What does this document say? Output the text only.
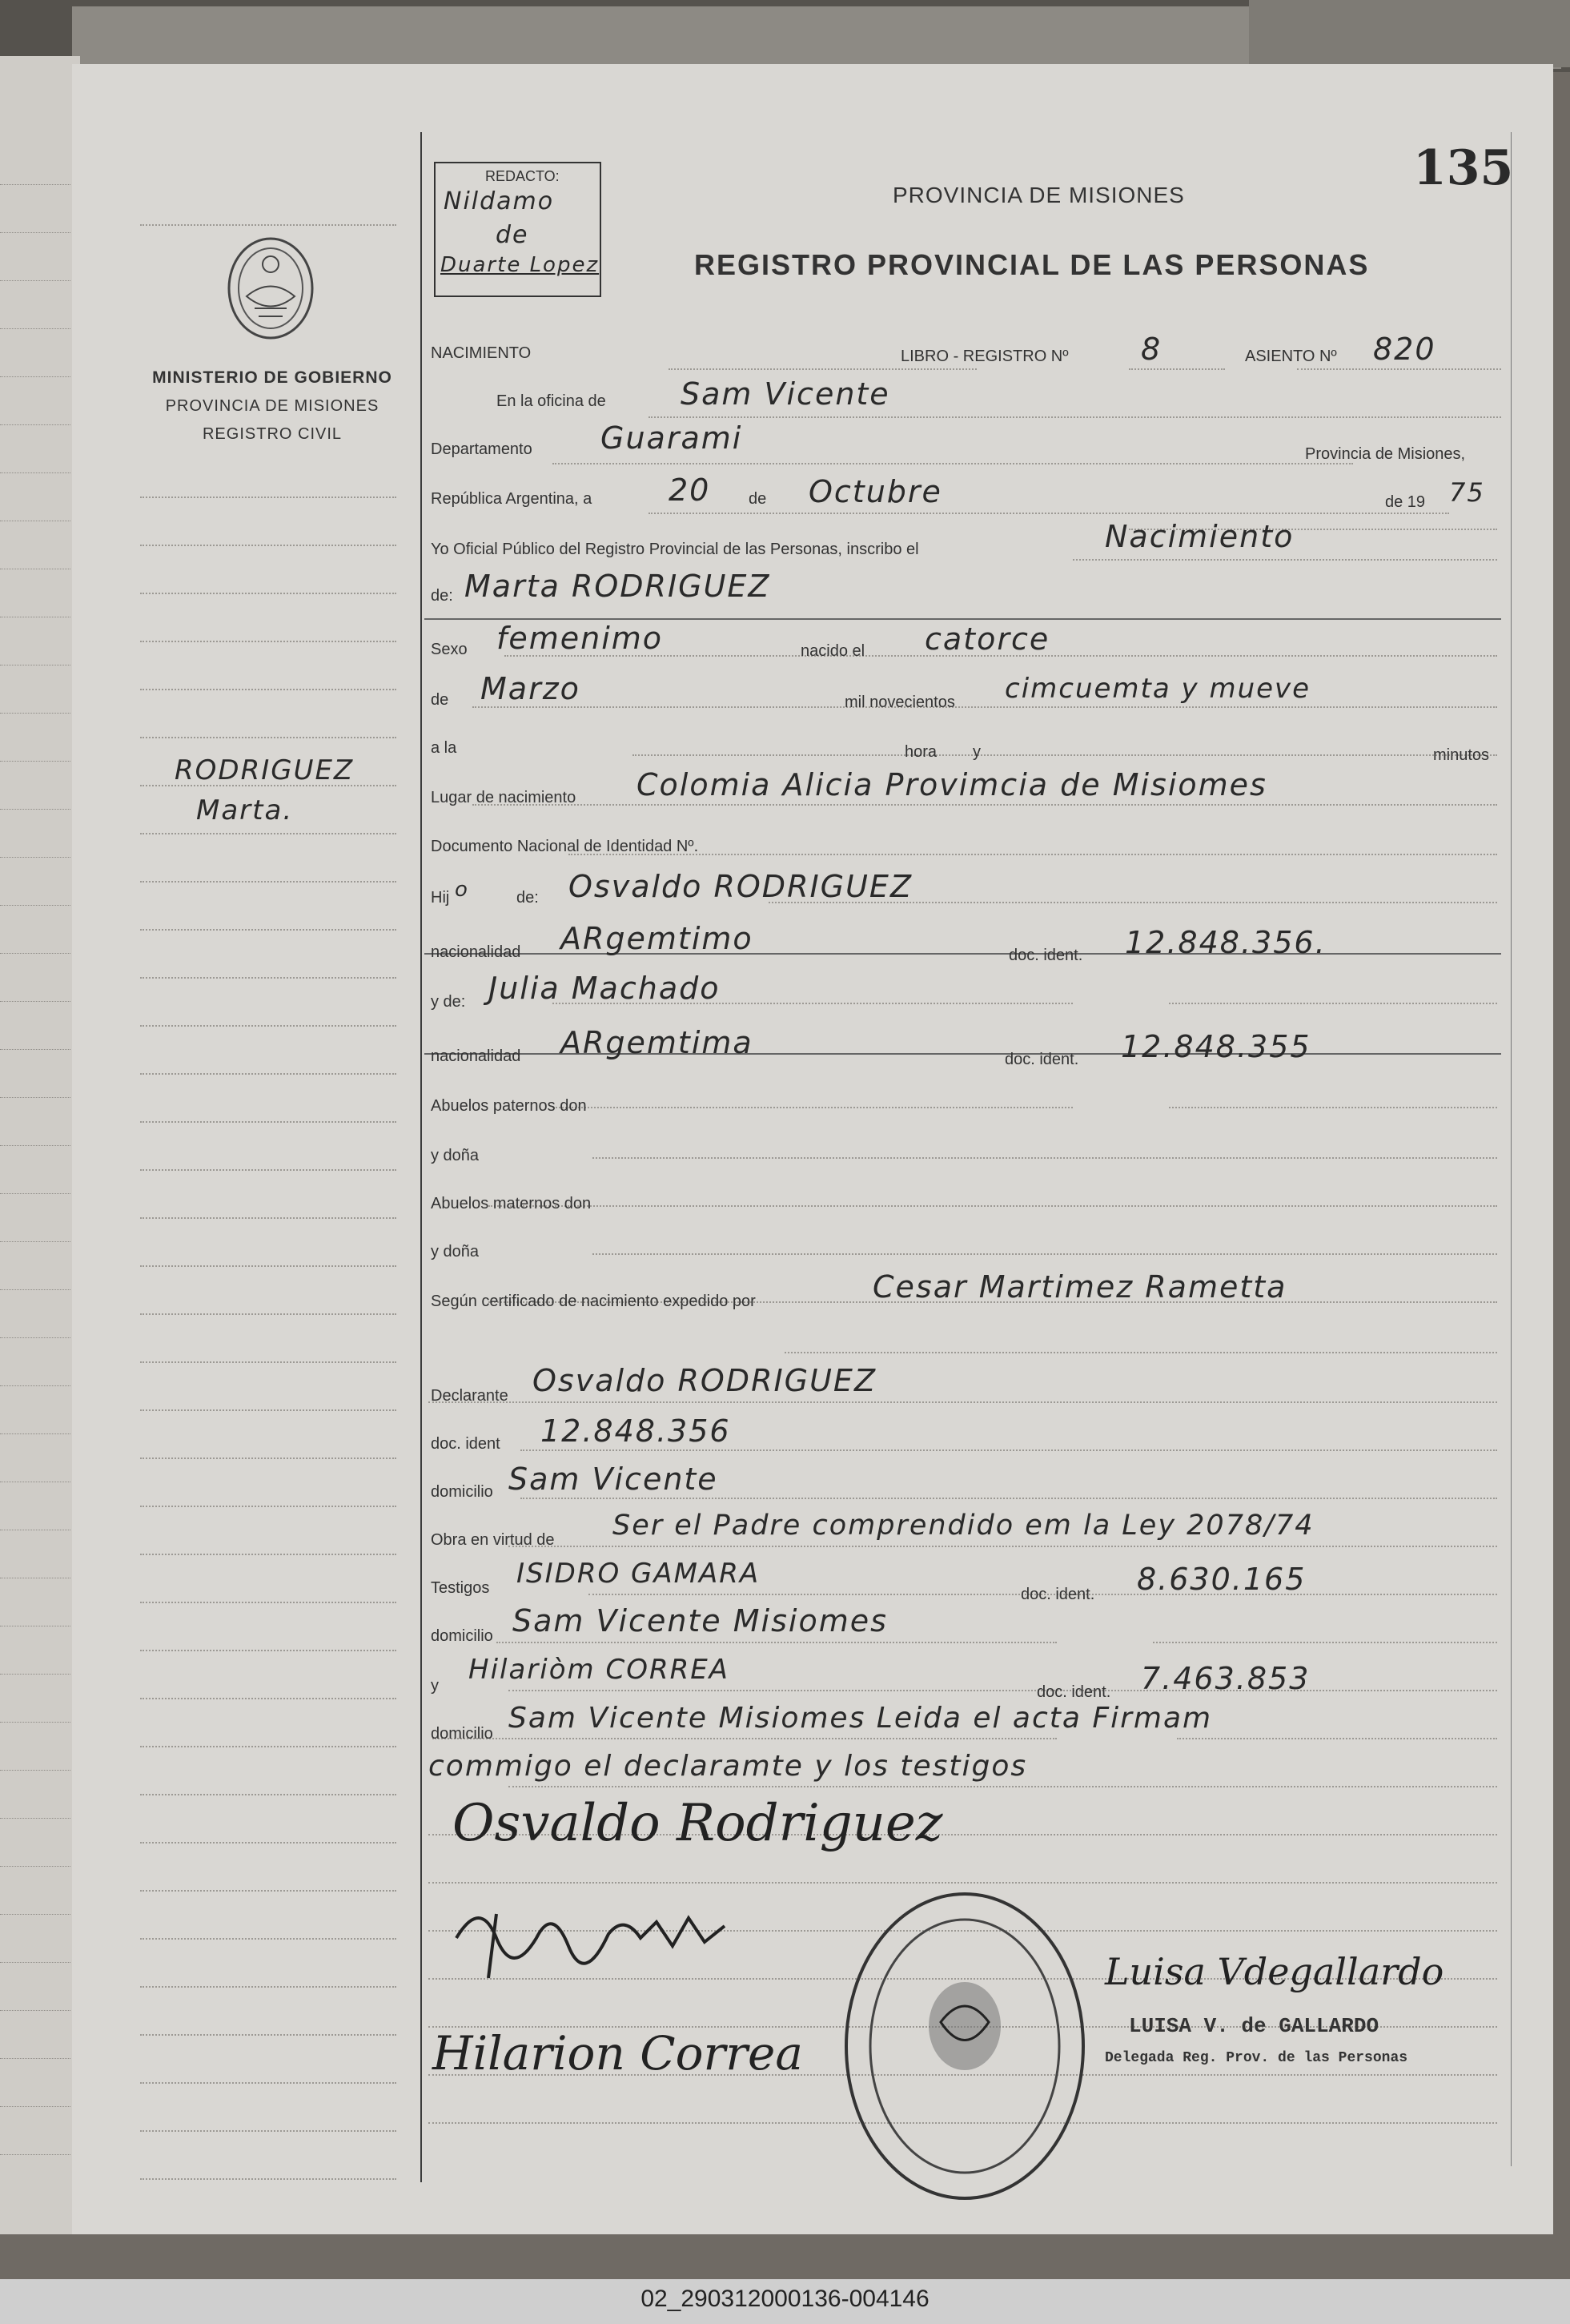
MINISTERIO DE GOBIERNO
PROVINCIA DE MISIONES
REGISTRO CIVIL
RODRIGUEZ
Marta.
REDACTO:
Nildamo
de
Duarte Lopez
135
PROVINCIA DE MISIONES
REGISTRO PROVINCIAL DE LAS PERSONAS
NACIMIENTO	LIBRO - REGISTRO Nº 8	ASIENTO Nº 820
En la oficina de Sam Vicente
Departamento Guarami	Provincia de Misiones,
República Argentina, a	20 de Octubre	de 19 75
Yo Oficial Público del Registro Provincial de las Personas, inscribo el	Nacimiento
de: Marta RODRIGUEZ
Sexo femenimo	nacido el catorce
de Marzo	mil novecientos cimcuemta y mueve
a la	hora y	minutos
Lugar de nacimiento Colomia Alicia Provimcia de Misiomes
Documento Nacional de Identidad Nº.
Hij o	de: Osvaldo RODRIGUEZ
nacionalidad ARgemtimo	doc. ident. 12.848.356.
y de: Julia Machado
nacionalidad ARgemtima	doc. ident. 12.848.355
Abuelos paternos don
y doña
Abuelos maternos don
y doña
Según certificado de nacimiento expedido por	Cesar Martimez Rametta
Declarante Osvaldo RODRIGUEZ
doc. ident 12.848.356
domicilio Sam Vicente
Obra en virtud de Ser el Padre comprendido em la Ley 2078/74
Testigos ISIDRO GAMARA
doc. ident. 8.630.165
domicilio Sam Vicente Misiomes
y Hilariòm CORREA
doc. ident. 7.463.853
domicilio Sam Vicente Misiomes Leida el acta Firmam
commigo el declaramte y los testigos
Osvaldo Rodriguez
Hilarion Correa
Luisa Vdegallardo
LUISA V. de GALLARDO
Delegada Reg. Prov. de las Personas
02_290312000136-004146
